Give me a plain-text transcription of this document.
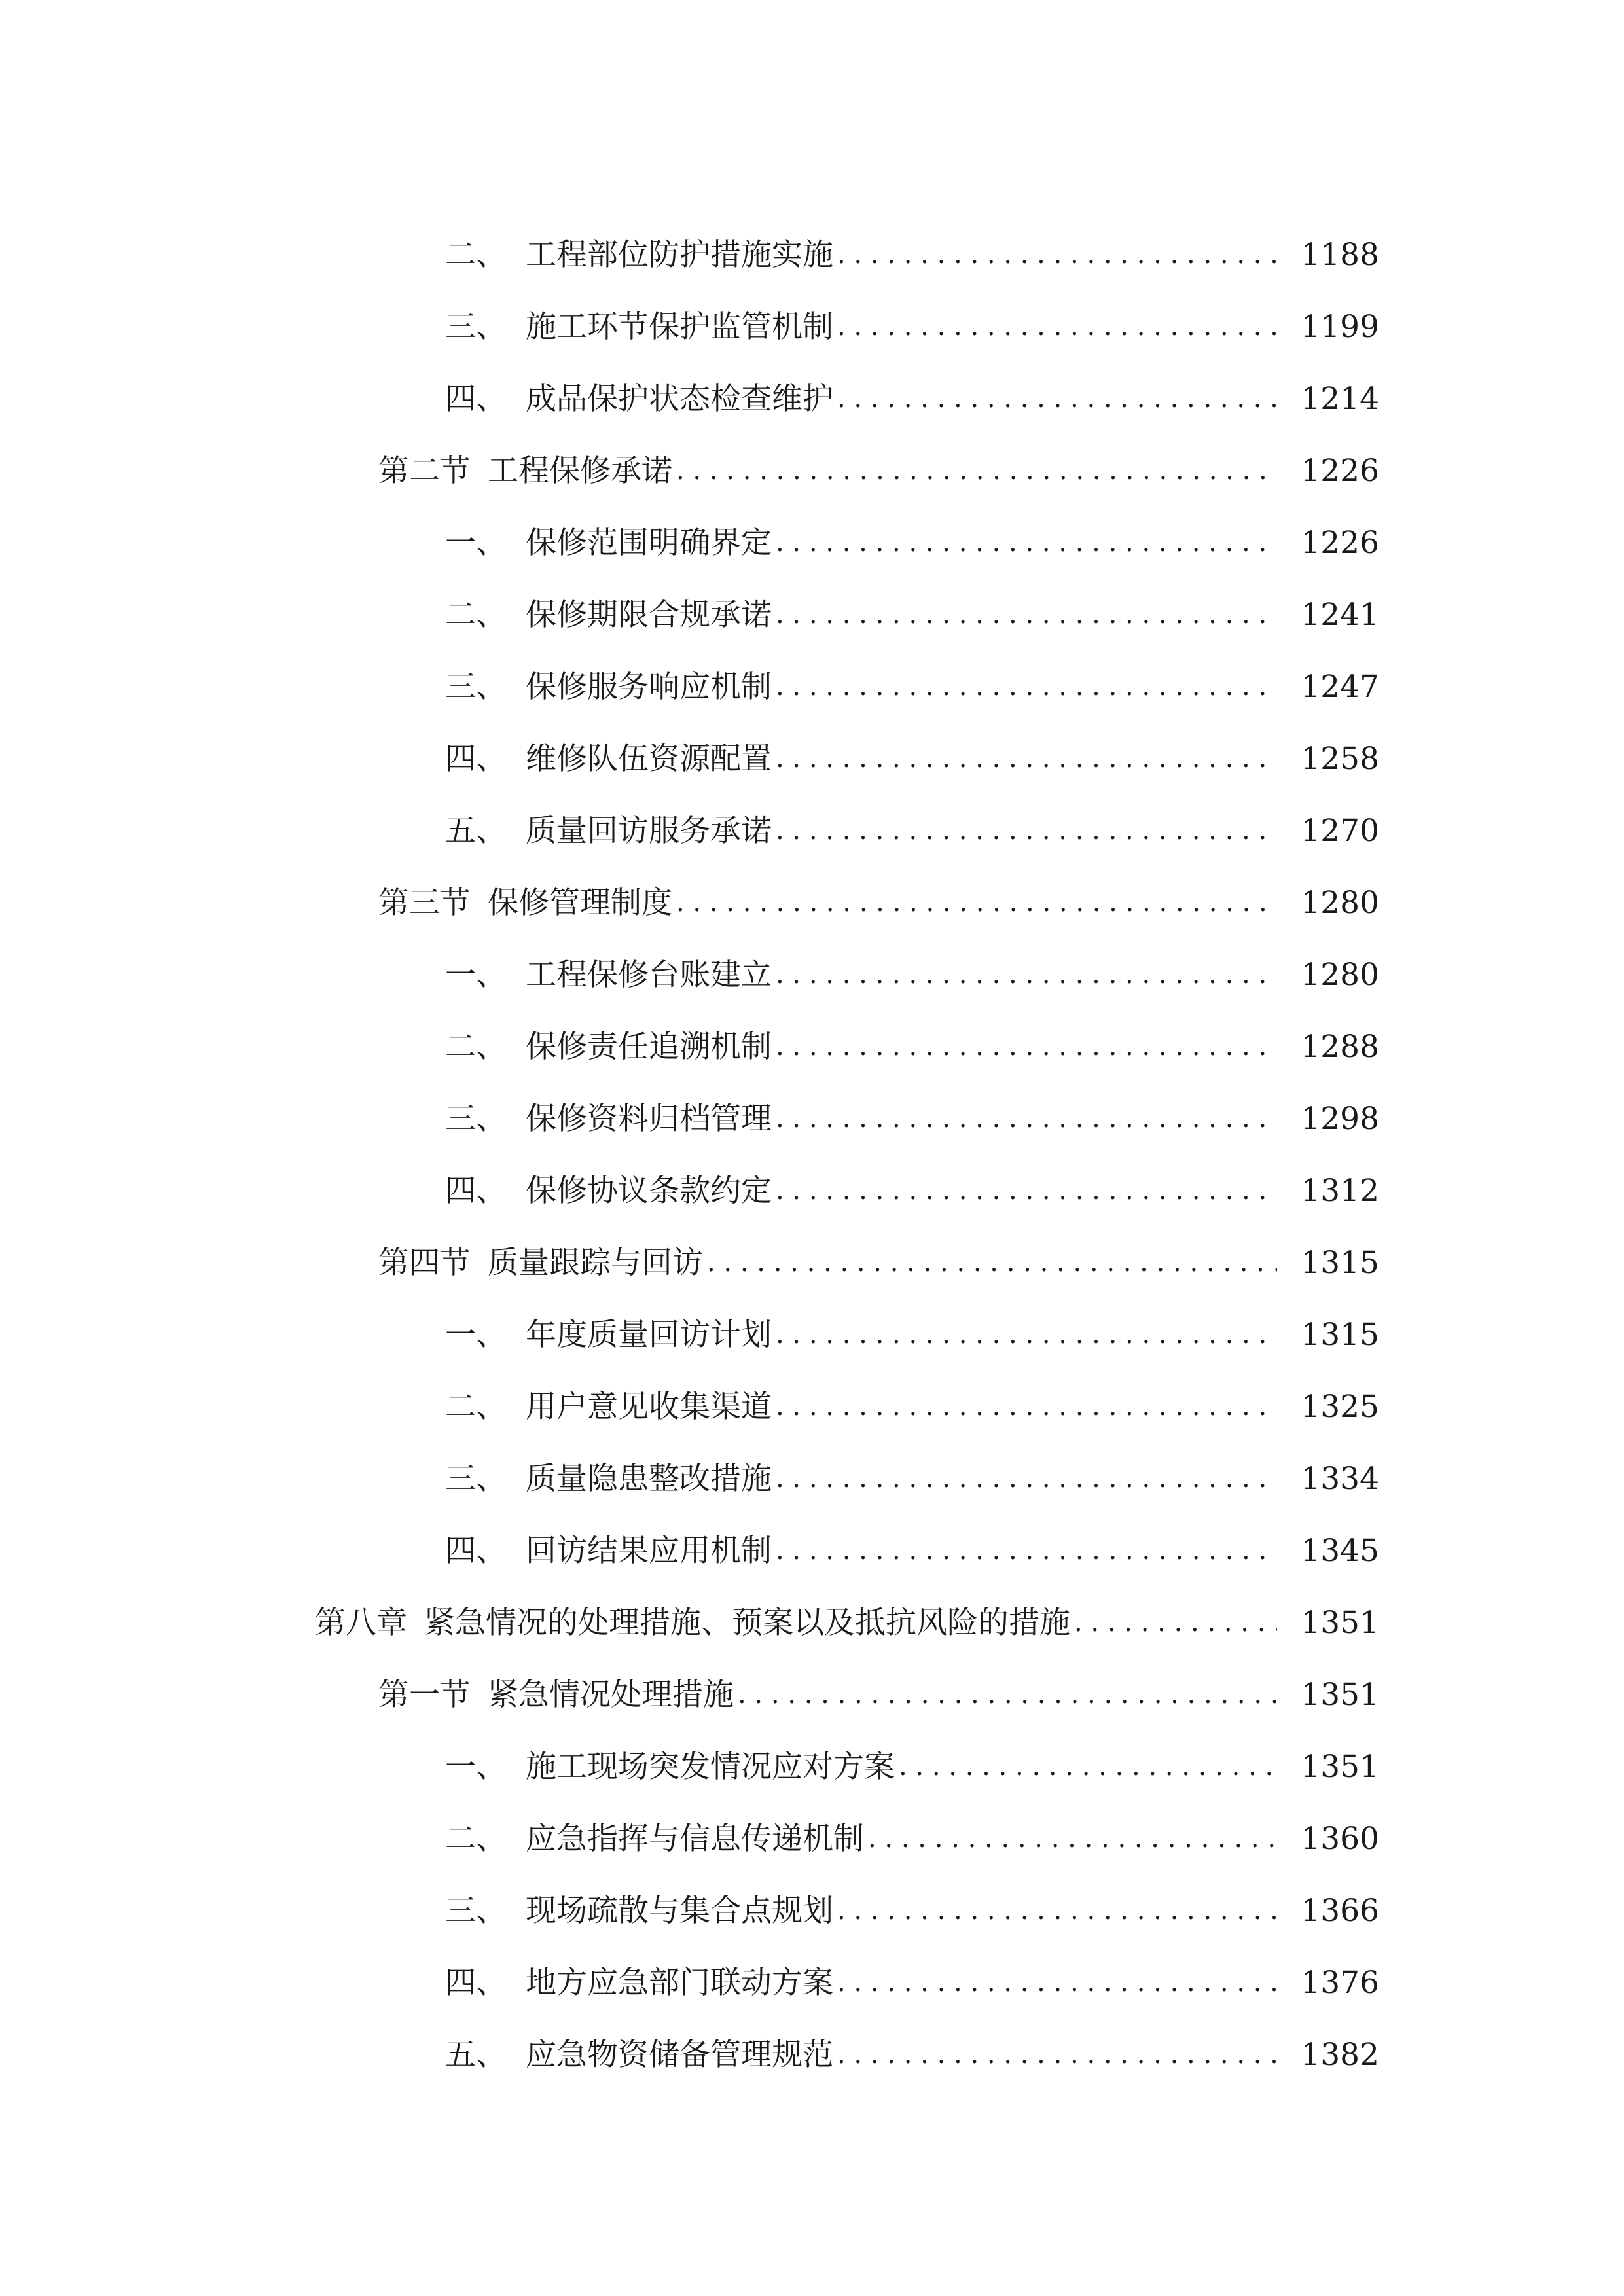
二、 工程部位防护措施实施 . . .	1188
三、 施工环节保护监管机制 . . .	1199
四、 成品保护状态检查维护 . . .	1214
第二节 工程保修承诺 . . .	1226
一、 保修范围明确界定 . . .	1226
二、 保修期限合规承诺 . . .	1241
三、 保修服务响应机制 . . .	1247
四、 维修队伍资源配置 . . .	1258
五、 质量回访服务承诺 . . .	1270
第三节 保修管理制度 . . .	1280
一、 工程保修台账建立 . . .	1280
二、 保修责任追溯机制 . . .	1288
三、 保修资料归档管理 . . .	1298
四、 保修协议条款约定 . . .	1312
第四节 质量跟踪与回访 . . .	1315
一、 年度质量回访计划 . . .	1315
二、 用户意见收集渠道 . . .	1325
三、 质量隐患整改措施 . . .	1334
四、 回访结果应用机制 . . .	1345
第八章 紧急情况的处理措施、预案以及抵抗风险的措施 . . .	1351
第一节 紧急情况处理措施 . . .	1351
一、 施工现场突发情况应对方案 . . .	1351
二、 应急指挥与信息传递机制 . . .	1360
三、 现场疏散与集合点规划 . . .	1366
四、 地方应急部门联动方案 . . .	1376
五、 应急物资储备管理规范 . . .	1382
